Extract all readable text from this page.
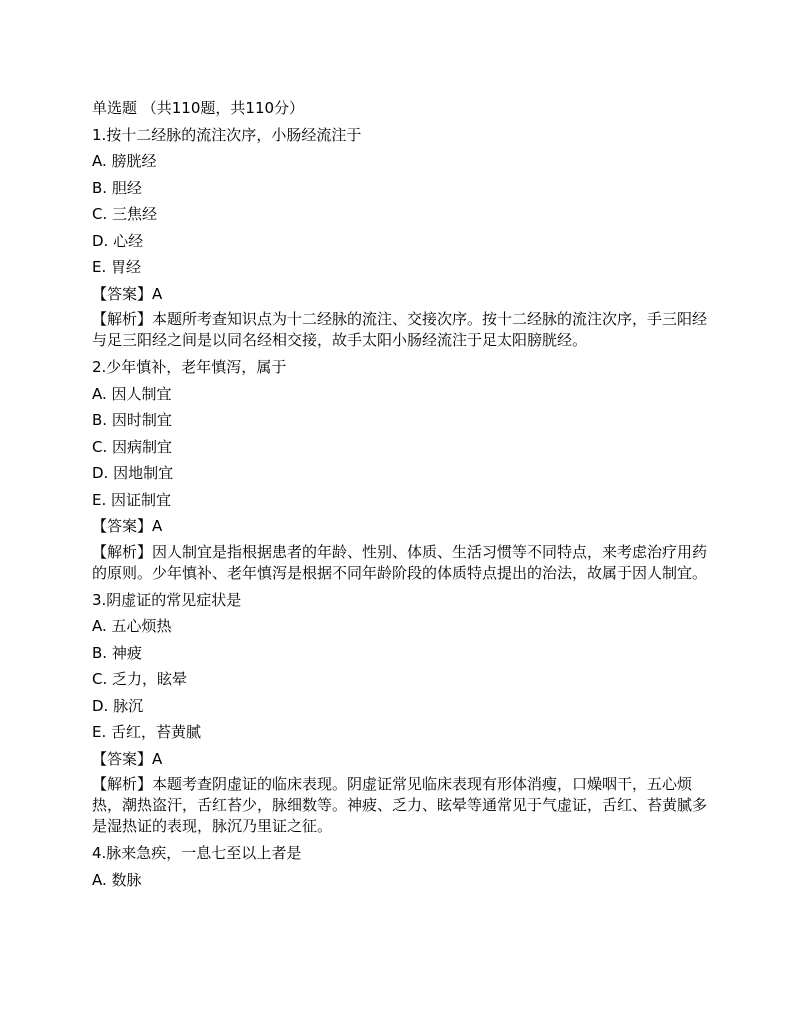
单选题 （共110题，共110分）
1.按十二经脉的流注次序，小肠经流注于
A. 膀胱经
B. 胆经
C. 三焦经
D. 心经
E. 胃经
【答案】A
【解析】本题所考查知识点为十二经脉的流注、交接次序。按十二经脉的流注次序，手三阳经与足三阳经之间是以同名经相交接，故手太阳小肠经流注于足太阳膀胱经。
2.少年慎补，老年慎泻，属于
A. 因人制宜
B. 因时制宜
C. 因病制宜
D. 因地制宜
E. 因证制宜
【答案】A
【解析】因人制宜是指根据患者的年龄、性别、体质、生活习惯等不同特点，来考虑治疗用药的原则。少年慎补、老年慎泻是根据不同年龄阶段的体质特点提出的治法，故属于因人制宜。
3.阴虚证的常见症状是
A. 五心烦热
B. 神疲
C. 乏力，眩晕
D. 脉沉
E. 舌红，苔黄腻
【答案】A
【解析】本题考查阴虚证的临床表现。阴虚证常见临床表现有形体消瘦，口燥咽干，五心烦热，潮热盗汗，舌红苔少，脉细数等。神疲、乏力、眩晕等通常见于气虚证，舌红、苔黄腻多是湿热证的表现，脉沉乃里证之征。
4.脉来急疾，一息七至以上者是
A. 数脉
